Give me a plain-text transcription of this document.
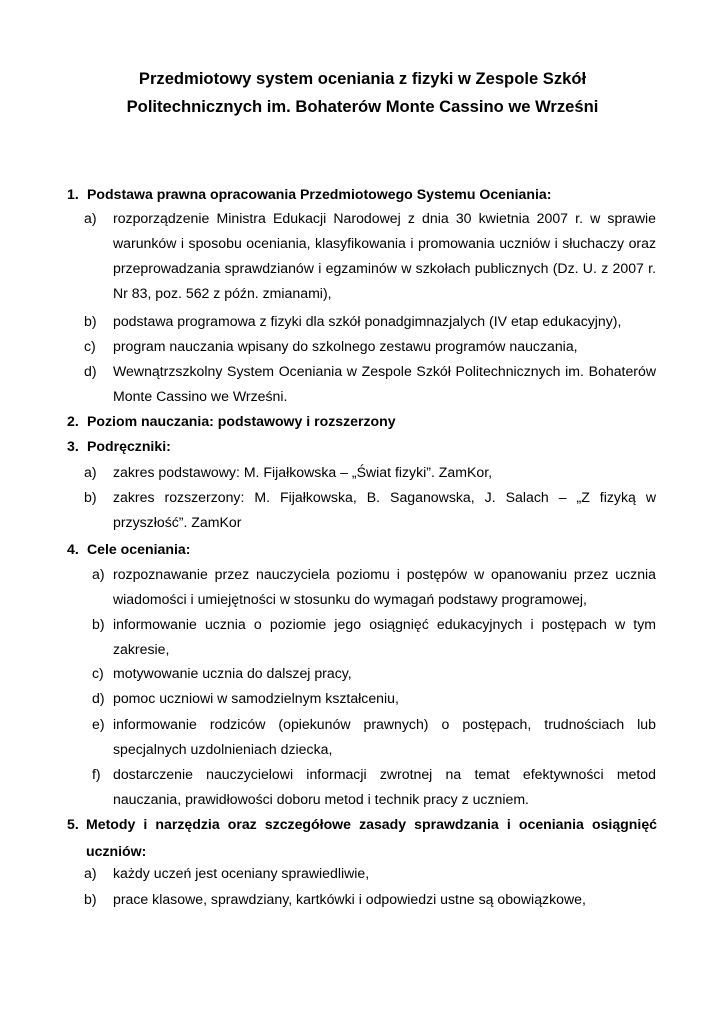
Przedmiotowy system oceniania z fizyki w Zespole Szkół
Politechnicznych im. Bohaterów Monte Cassino we Wrześni
1. Podstawa prawna opracowania Przedmiotowego Systemu Oceniania:
a) rozporządzenie Ministra Edukacji Narodowej z dnia 30 kwietnia 2007 r. w sprawie warunków i sposobu oceniania, klasyfikowania i promowania uczniów i słuchaczy oraz przeprowadzania sprawdzianów i egzaminów w szkołach publicznych (Dz. U. z 2007 r. Nr 83, poz. 562 z późn. zmianami),
b) podstawa programowa z fizyki dla szkół ponadgimnazjalych (IV etap edukacyjny),
c) program nauczania wpisany do szkolnego zestawu programów nauczania,
d) Wewnątrzszkolny System Oceniania w Zespole Szkół Politechnicznych im. Bohaterów Monte Cassino we Wrześni.
2. Poziom nauczania: podstawowy i rozszerzony
3. Podręczniki:
a) zakres podstawowy: M. Fijałkowska – „Świat fizyki”. ZamKor,
b) zakres rozszerzony: M. Fijałkowska, B. Saganowska, J. Salach – „Z fizyką w przyszłość”. ZamKor
4. Cele oceniania:
a) rozpoznawanie przez nauczyciela poziomu i postępów w opanowaniu przez ucznia wiadomości i umiejętności w stosunku do wymagań podstawy programowej,
b) informowanie ucznia o poziomie jego osiągnięć edukacyjnych i postępach w tym zakresie,
c) motywowanie ucznia do dalszej pracy,
d) pomoc uczniowi w samodzielnym kształceniu,
e) informowanie rodziców (opiekunów prawnych) o postępach, trudnościach lub specjalnych uzdolnieniach dziecka,
f) dostarczenie nauczycielowi informacji zwrotnej na temat efektywności metod nauczania, prawidłowości doboru metod i technik pracy z uczniem.
5. Metody i narzędzia oraz szczegółowe zasady sprawdzania i oceniania osiągnięć uczniów:
a) każdy uczeń jest oceniany sprawiedliwie,
b) prace klasowe, sprawdziany, kartkówki i odpowiedzi ustne są obowiązkowe,
